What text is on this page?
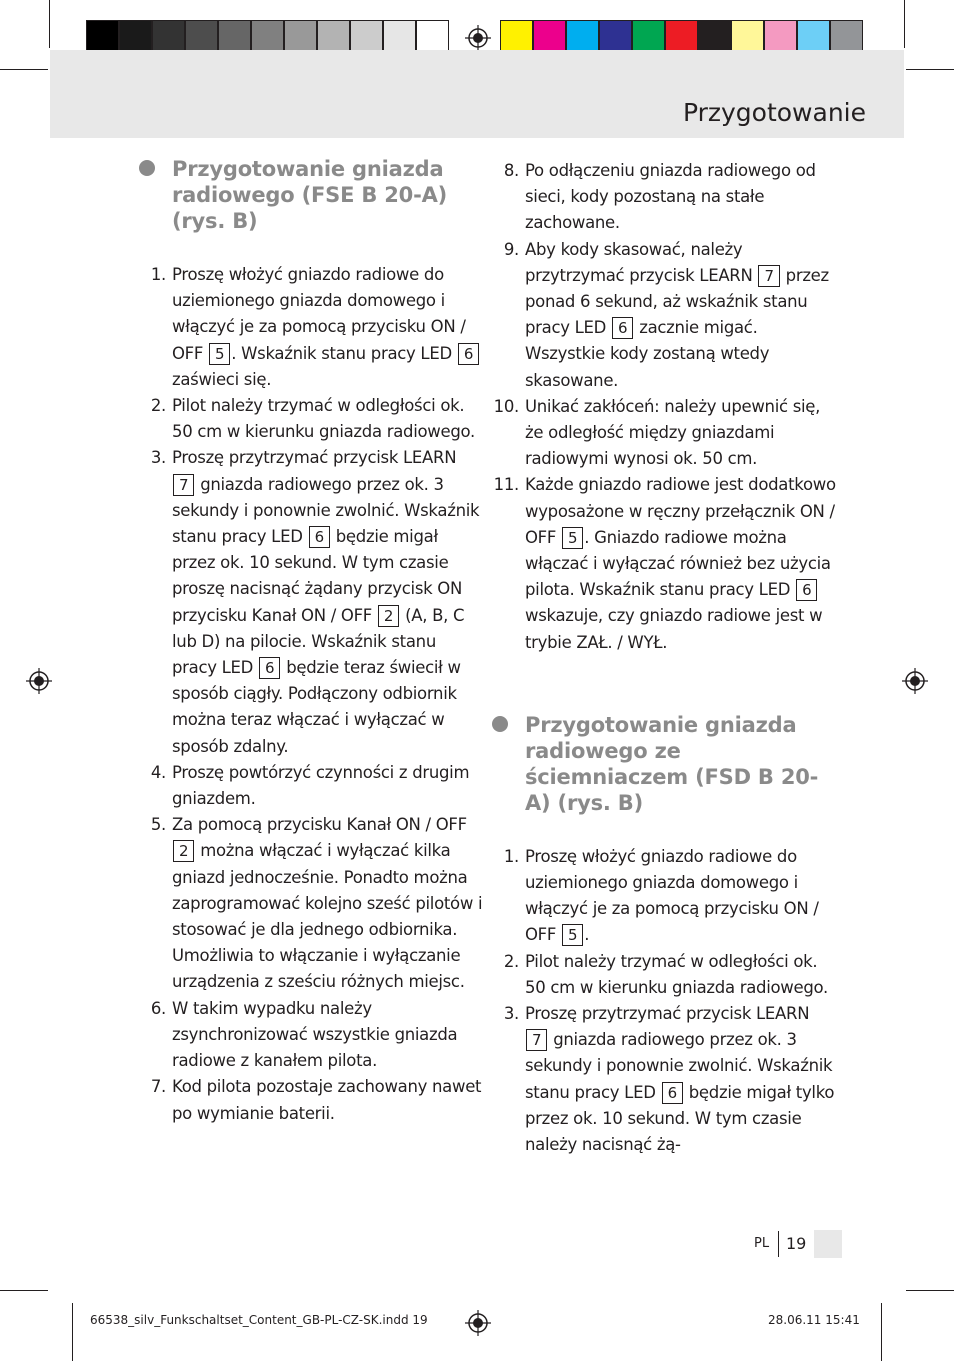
Przygotowanie
Przygotowanie gniazda radiowego (FSE B 20-A) (rys. B)
1. Proszę włożyć gniazdo radiowe do uziemionego gniazda domowego i włączyć je za pomocą przycisku ON / OFF 5 . Wskaźnik stanu pracy LED 6 zaświeci się.
2. Pilot należy trzymać w odległości ok. 50 cm w kierunku gniazda radiowego.
3. Proszę przytrzymać przycisk LEARN 7 gniazda radiowego przez ok. 3 sekundy i ponownie zwolnić. Wskaźnik stanu pracy LED 6 będzie migał przez ok. 10 sekund. W tym czasie proszę nacisnąć żądany przycisk ON przycisku Kanał ON / OFF 2 (A, B, C lub D) na pilocie. Wskaźnik stanu pracy LED 6 będzie teraz świecił w sposób ciągły. Podłączony odbiornik można teraz włączać i wyłączać w sposób zdalny.
4. Proszę powtórzyć czynności z drugim gniazdem.
5. Za pomocą przycisku Kanał ON / OFF 2 można włączać i wyłączać kilka gniazd jednocześnie. Ponadto można zaprogramować kolejno sześć pilotów i stosować je dla jednego odbiornika. Umożliwia to włączanie i wyłączanie urządzenia z sześciu różnych miejsc.
6. W takim wypadku należy zsynchronizować wszystkie gniazda radiowe z kanałem pilota.
7. Kod pilota pozostaje zachowany nawet po wymianie baterii.
8. Po odłączeniu gniazda radiowego od sieci, kody pozostaną na stałe zachowane.
9. Aby kody skasować, należy przytrzymać przycisk LEARN 7 przez ponad 6 sekund, aż wskaźnik stanu pracy LED 6 zacznie migać. Wszystkie kody zostaną wtedy skasowane.
10. Unikać zakłóceń: należy upewnić się, że odległość między gniazdami radiowymi wynosi ok. 50 cm.
11. Każde gniazdo radiowe jest dodatkowo wyposażone w ręczny przełącznik ON / OFF 5 . Gniazdo radiowe można włączać i wyłączać również bez użycia pilota. Wskaźnik stanu pracy LED 6 wskazuje, czy gniazdo radiowe jest w trybie ZAŁ. / WYŁ.
Przygotowanie gniazda radiowego ze ściemniaczem (FSD B 20-A) (rys. B)
1. Proszę włożyć gniazdo radiowe do uziemionego gniazda domowego i włączyć je za pomocą przycisku ON / OFF 5 .
2. Pilot należy trzymać w odległości ok. 50 cm w kierunku gniazda radiowego.
3. Proszę przytrzymać przycisk LEARN 7 gniazda radiowego przez ok. 3 sekundy i ponownie zwolnić. Wskaźnik stanu pracy LED 6 będzie migał tylko przez ok. 10 sekund. W tym czasie należy nacisnąć żą-
PL 19
66538_silv_Funkschaltset_Content_GB-PL-CZ-SK.indd 19	28.06.11 15:41
